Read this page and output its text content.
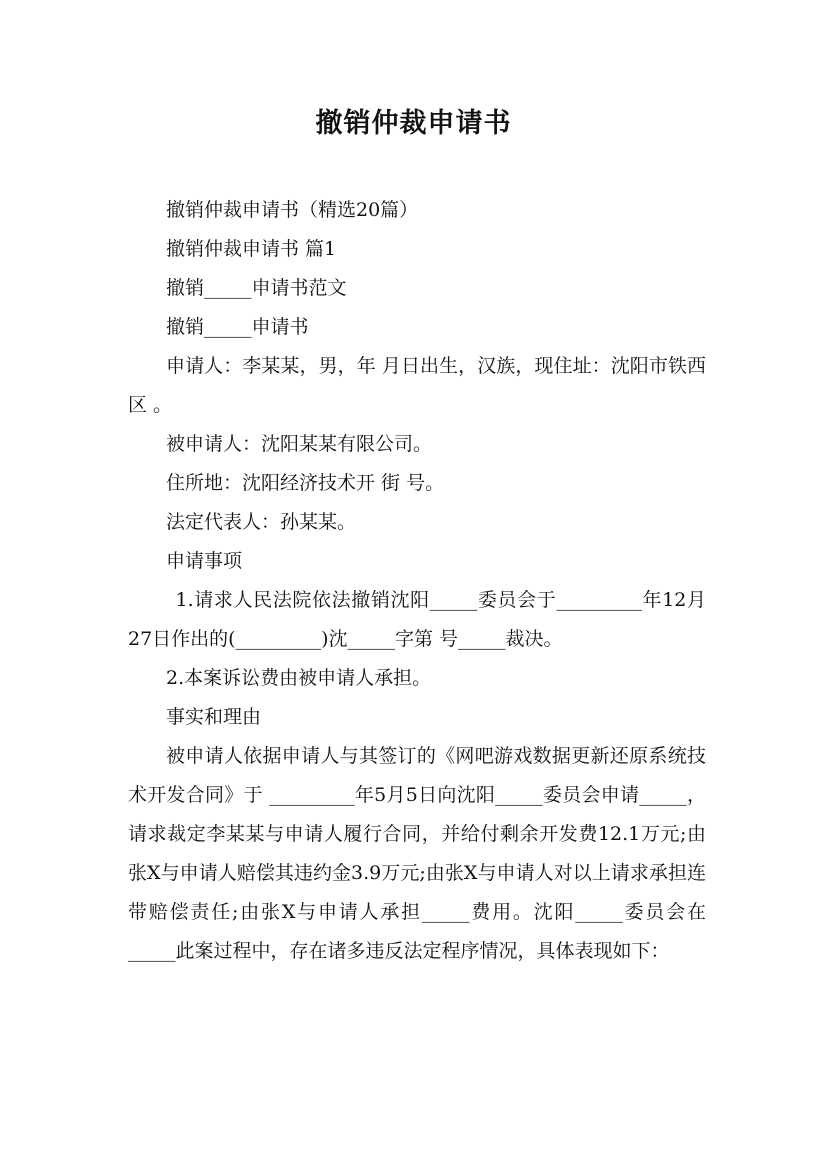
撤销仲裁申请书

撤销仲裁申请书（精选20篇）

撤销仲裁申请书 篇1

撤销_____申请书范文

撤销_____申请书

申请人：李某某，男，年 月日出生，汉族，现住址：沈阳市铁西区 。

被申请人：沈阳某某有限公司。

住所地：沈阳经济技术开 街 号。

法定代表人：孙某某。

申请事项

1.请求人民法院依法撤销沈阳_____委员会于_________年12月27日作出的(_________)沈_____字第 号_____裁决。

2.本案诉讼费由被申请人承担。

事实和理由

被申请人依据申请人与其签订的《网吧游戏数据更新还原系统技术开发合同》于 _________年5月5日向沈阳_____委员会申请_____，请求裁定李某某与申请人履行合同，并给付剩余开发费12.1万元;由张X与申请人赔偿其违约金3.9万元;由张X与申请人对以上请求承担连带赔偿责任;由张X与申请人承担_____费用。沈阳_____委员会在_____此案过程中，存在诸多违反法定程序情况，具体表现如下：
